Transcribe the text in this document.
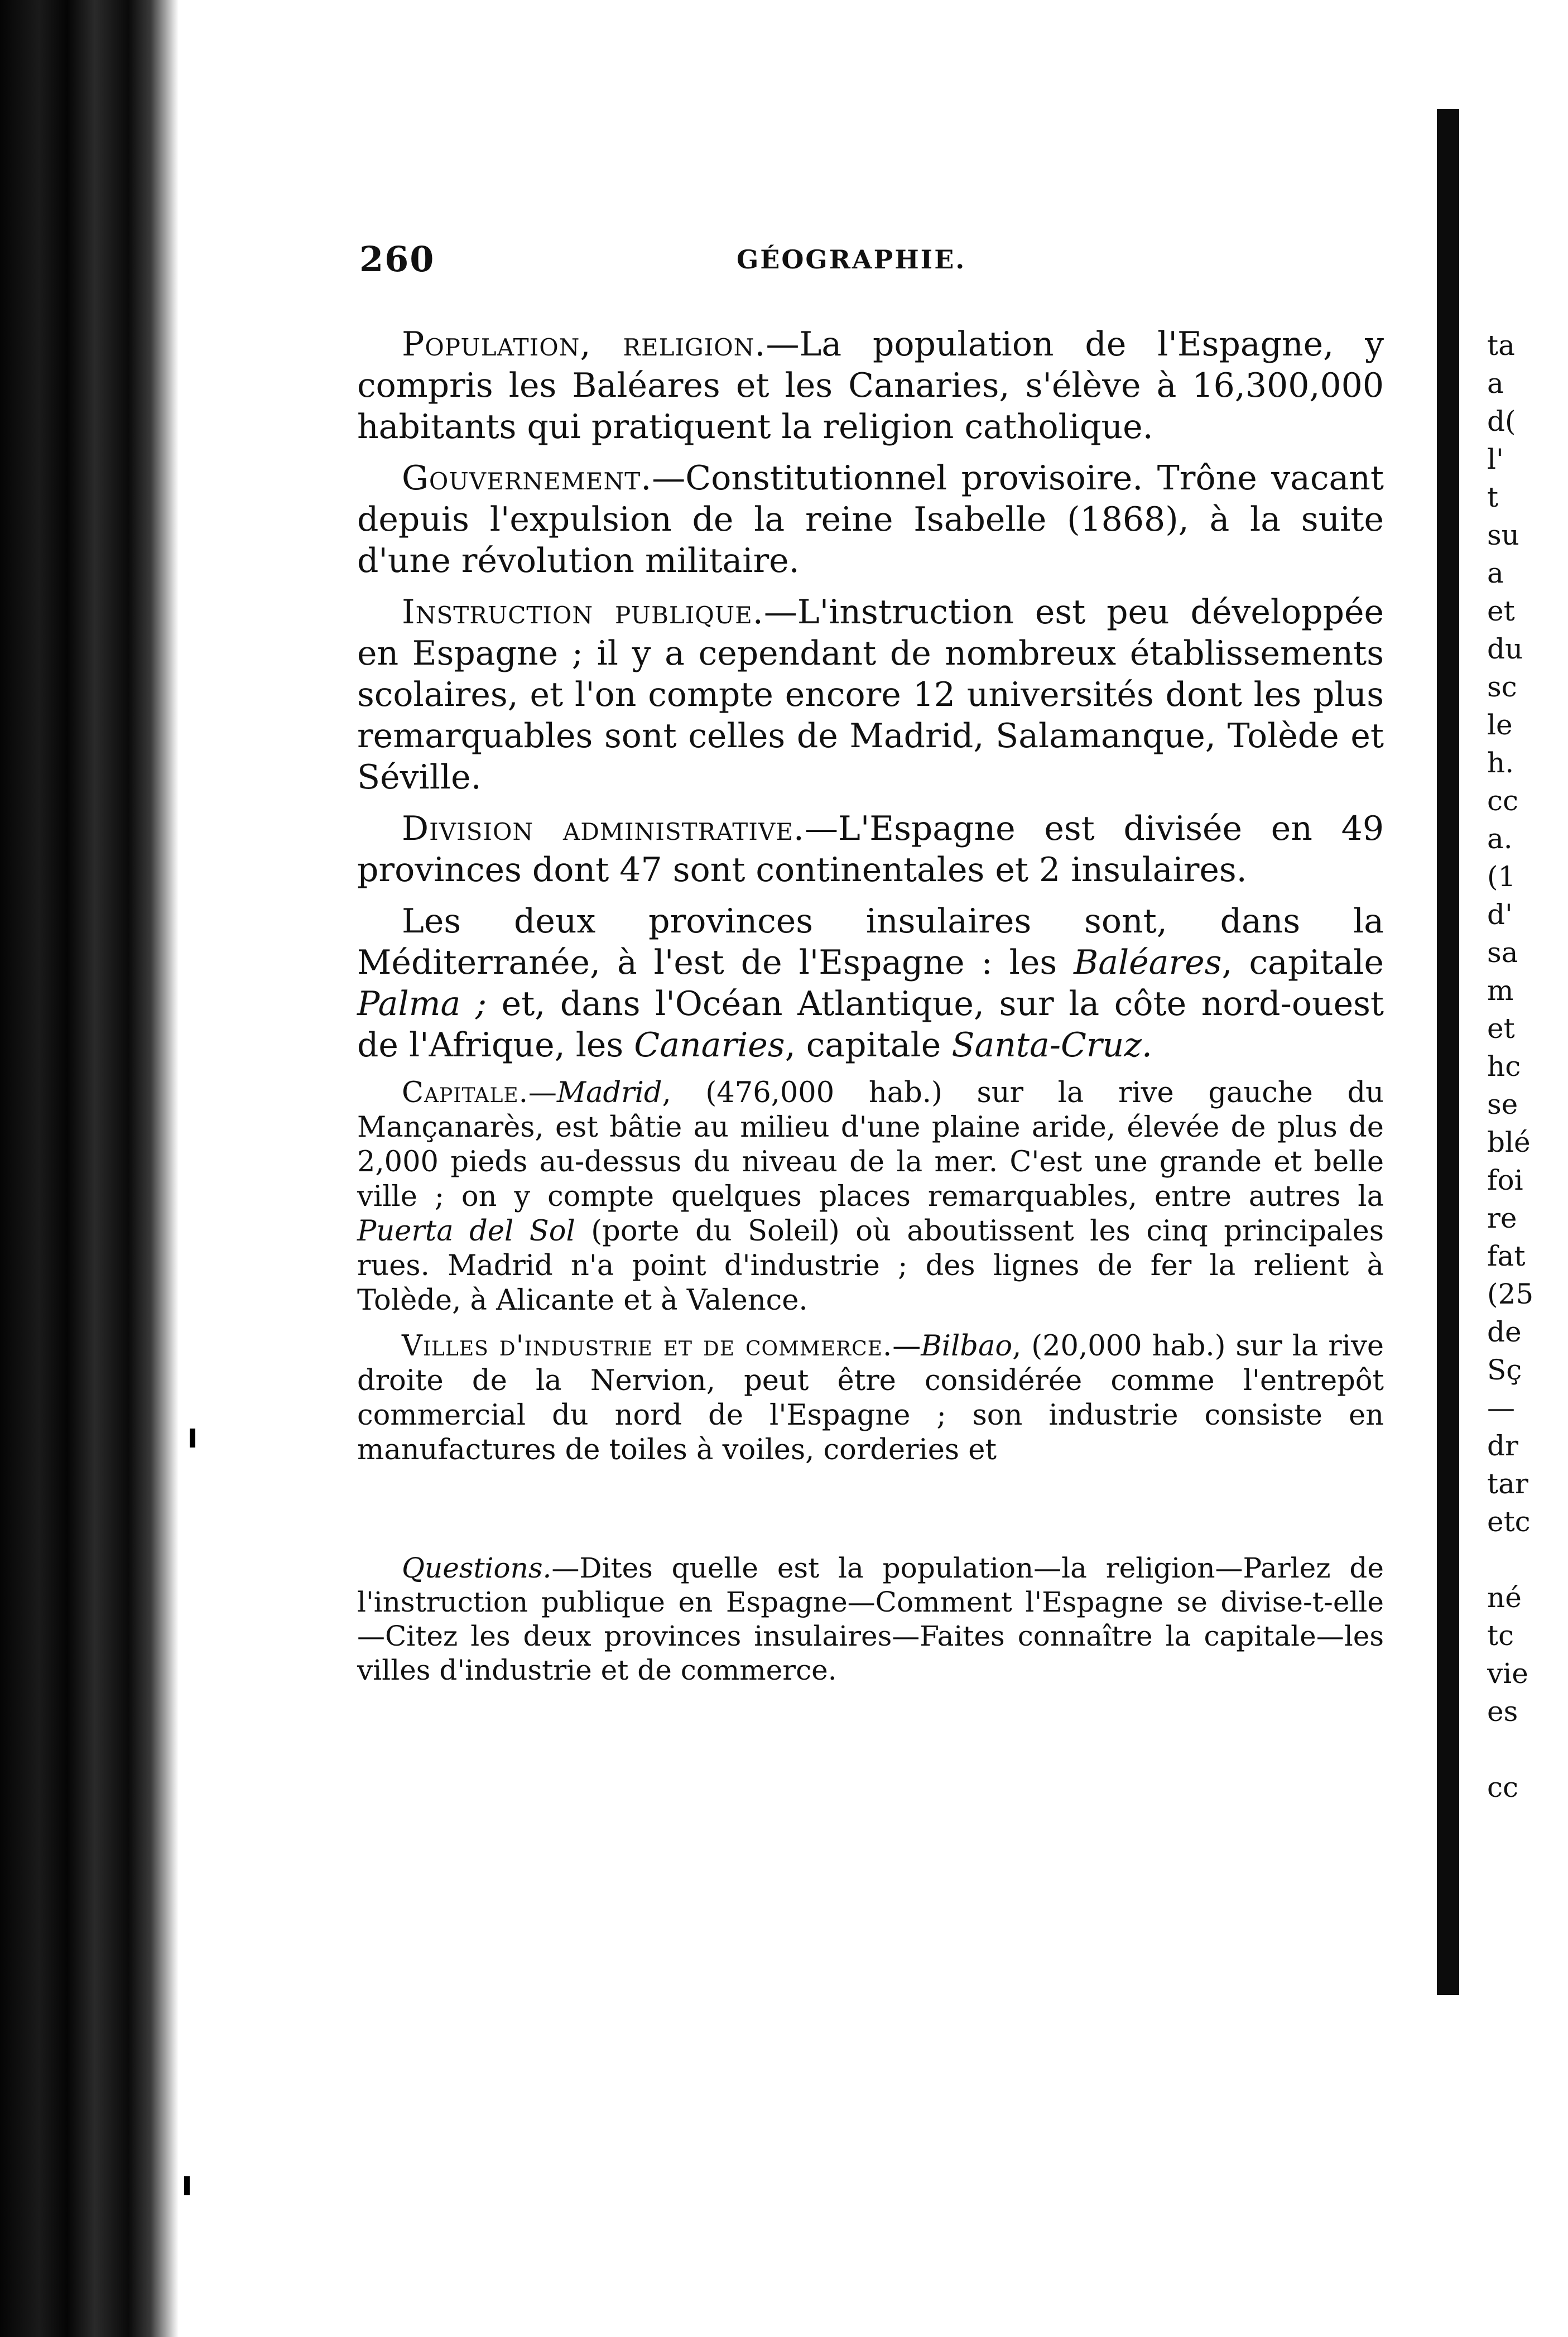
260	GÉOGRAPHIE.

Population, religion.—La population de l'Espagne, y compris les Baléares et les Canaries, s'élève à 16,300,000 habitants qui pratiquent la religion catholique.

Gouvernement.—Constitutionnel provisoire. Trône vacant depuis l'expulsion de la reine Isabelle (1868), à la suite d'une révolution militaire.

Instruction publique.—L'instruction est peu développée en Espagne ; il y a cependant de nombreux établissements scolaires, et l'on compte encore 12 universités dont les plus remarquables sont celles de Madrid, Salamanque, Tolède et Séville.

Division administrative.—L'Espagne est divisée en 49 provinces dont 47 sont continentales et 2 insulaires.

Les deux provinces insulaires sont, dans la Méditerranée, à l'est de l'Espagne : les Baléares, capitale Palma ; et, dans l'Océan Atlantique, sur la côte nord-ouest de l'Afrique, les Canaries, capitale Santa-Cruz.

Capitale.—Madrid, (476,000 hab.) sur la rive gauche du Mançanarès, est bâtie au milieu d'une plaine aride, élevée de plus de 2,000 pieds au-dessus du niveau de la mer. C'est une grande et belle ville ; on y compte quelques places remarquables, entre autres la Puerta del Sol (porte du Soleil) où aboutissent les cinq principales rues. Madrid n'a point d'industrie ; des lignes de fer la relient à Tolède, à Alicante et à Valence.

Villes d'industrie et de commerce.—Bilbao, (20,000 hab.) sur la rive droite de la Nervion, peut être considérée comme l'entrepôt commercial du nord de l'Espagne ; son industrie consiste en manufactures de toiles à voiles, corderies et

Questions.—Dites quelle est la population—la religion—Parlez de l'instruction publique en Espagne—Comment l'Espagne se divise-t-elle—Citez les deux provinces insulaires—Faites connaître la capitale—les villes d'industrie et de commerce.

ta
a
d(
l'
t
su
a
et
du
sc
le
h.
cc
a.
(1
d'
sa
m
et
hc
se
blé
foi
re
fat
(25
de
Sç
—
dr
tar
etc
né
tc
vie
es
cc
